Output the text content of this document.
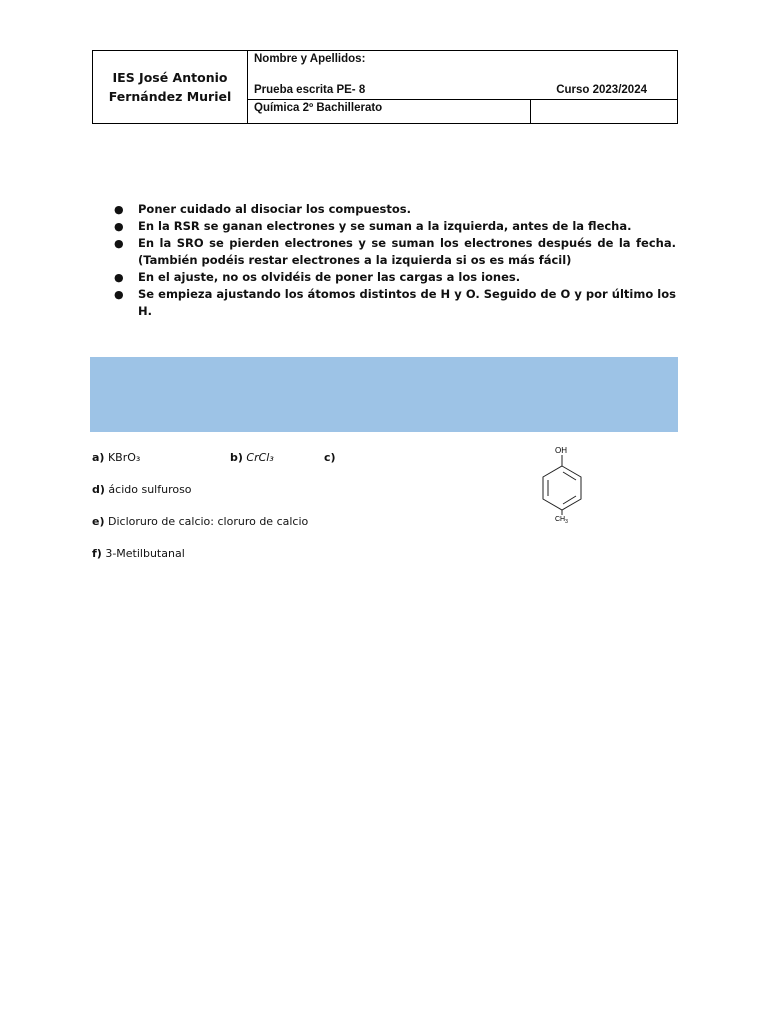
IES José Antonio
Fernández Muriel
Nombre y Apellidos:
Prueba escrita PE- 8	Curso 2023/2024
Química 2º Bachillerato
● Poner cuidado al disociar los compuestos.
● En la RSR se ganan electrones y se suman a la izquierda, antes de la flecha.
● En la SRO se pierden electrones y se suman los electrones después de la fecha. (También podéis restar electrones a la izquierda si os es más fácil)
● En el ajuste, no os olvidéis de poner las cargas a los iones.
● Se empieza ajustando los átomos distintos de H y O. Seguido de O y por último los H.
a) KBrO₃	b) CrCl₃	c)
d) ácido sulfuroso
e) Dicloruro de calcio: cloruro de calcio
f) 3-Metilbutanal
OH
$CH_3$
